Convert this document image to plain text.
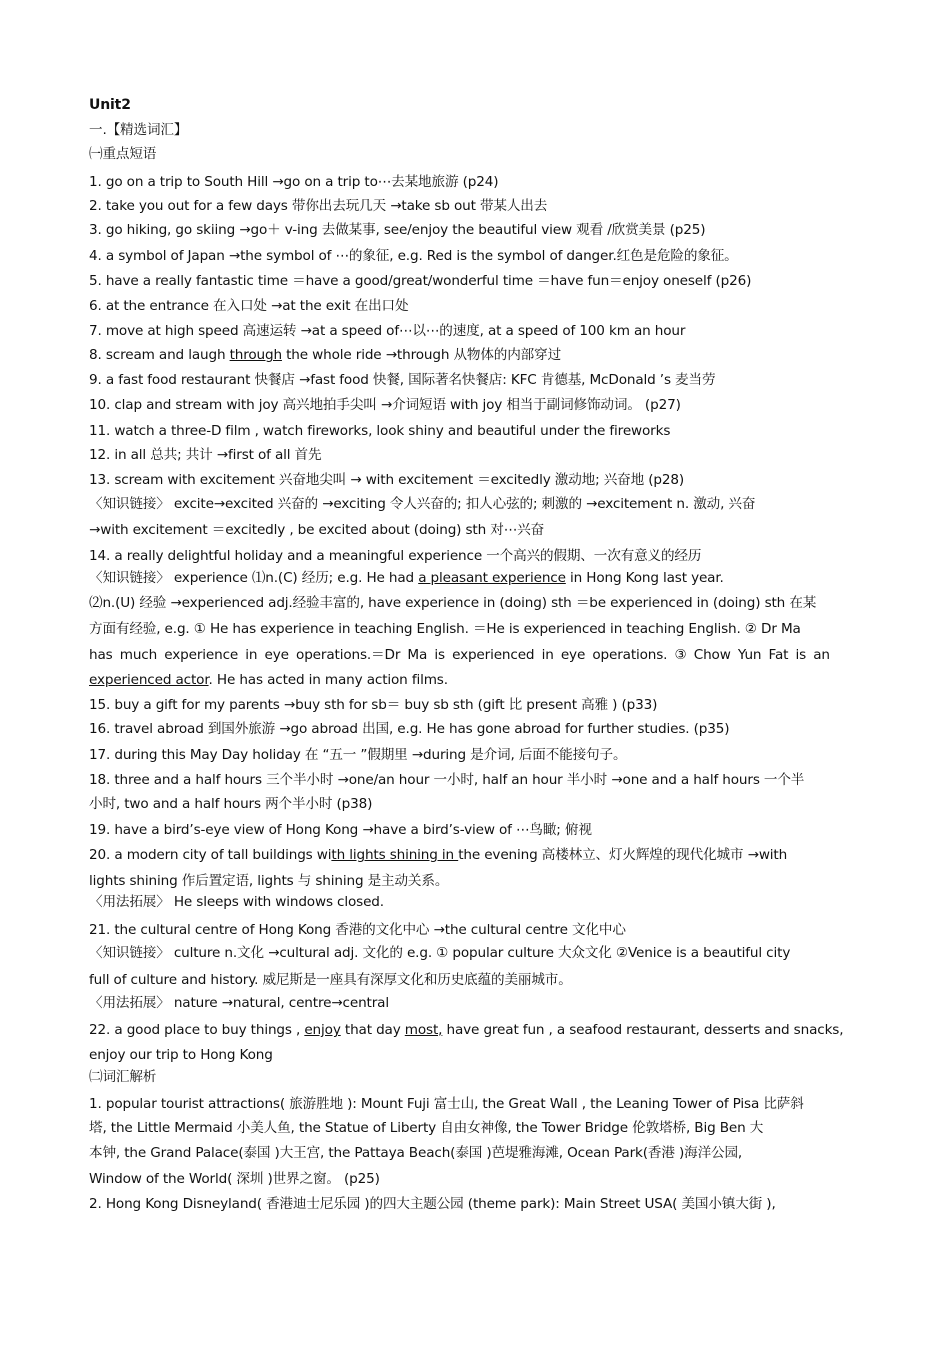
Unit2
一.【精选词汇】
㈠重点短语
1. go on a trip to South Hill →go on a trip to⋯去某地旅游 (p24)
2. take you out for a few days 带你出去玩几天 →take sb out 带某人出去
3. go hiking, go skiing →go＋ v-ing 去做某事, see/enjoy the beautiful view 观看 /欣赏美景 (p25)
4. a symbol of Japan →the symbol of ⋯的象征, e.g. Red is the symbol of danger.红色是危险的象征。
5. have a really fantastic time ＝have a good/great/wonderful time ＝have fun＝enjoy oneself (p26)
6. at the entrance 在入口处 →at the exit 在出口处
7. move at high speed 高速运转 →at a speed of⋯以⋯的速度, at a speed of 100 km an hour
8. scream and laugh through the whole ride →through 从物体的内部穿过
9. a fast food restaurant 快餐店 →fast food 快餐, 国际著名快餐店: KFC 肯德基, McDonald ’s 麦当劳
10. clap and stream with joy 高兴地拍手尖叫 →介词短语 with joy 相当于副词修饰动词。 (p27)
11. watch a three-D film , watch fireworks, look shiny and beautiful under the fireworks
12. in all 总共; 共计 →first of all 首先
13. scream with excitement 兴奋地尖叫 → with excitement ＝excitedly 激动地; 兴奋地 (p28)
〈知识链接〉 excite→excited 兴奋的 →exciting 令人兴奋的; 扣人心弦的; 刺激的 →excitement n. 激动, 兴奋
→with excitement ＝excitedly , be excited about (doing) sth 对⋯兴奋
14. a really delightful holiday and a meaningful experience 一个高兴的假期、一次有意义的经历
〈知识链接〉 experience ⑴n.(C) 经历; e.g. He had a pleasant experience in Hong Kong last year.
⑵n.(U) 经验 →experienced adj.经验丰富的, have experience in (doing) sth ＝be experienced in (doing) sth 在某
方面有经验, e.g. ① He has experience in teaching English. ＝He is experienced in teaching English. ② Dr Ma
has much experience in eye operations.＝Dr Ma is experienced in eye operations. ③ Chow Yun Fat is an
experienced actor. He has acted in many action films.
15. buy a gift for my parents →buy sth for sb＝ buy sb sth (gift 比 present 高雅 ) (p33)
16. travel abroad 到国外旅游 →go abroad 出国, e.g. He has gone abroad for further studies. (p35)
17. during this May Day holiday 在 “五一 ”假期里 →during 是介词, 后面不能接句子。
18. three and a half hours 三个半小时 →one/an hour 一小时, half an hour 半小时 →one and a half hours 一个半
小时, two and a half hours 两个半小时 (p38)
19. have a bird’s-eye view of Hong Kong →have a bird’s-view of ⋯鸟瞰; 俯视
20. a modern city of tall buildings with lights shining in the evening 高楼林立、灯火辉煌的现代化城市 →with
lights shining 作后置定语, lights 与 shining 是主动关系。
〈用法拓展〉 He sleeps with windows closed.
21. the cultural centre of Hong Kong 香港的文化中心 →the cultural centre 文化中心
〈知识链接〉 culture n.文化 →cultural adj. 文化的 e.g. ① popular culture 大众文化 ②Venice is a beautiful city
full of culture and history. 威尼斯是一座具有深厚文化和历史底蕴的美丽城市。
〈用法拓展〉 nature →natural, centre→central
22. a good place to buy things , enjoy that day most, have great fun , a seafood restaurant, desserts and snacks,
enjoy our trip to Hong Kong
㈡词汇解析
1. popular tourist attractions( 旅游胜地 ): Mount Fuji 富士山, the Great Wall , the Leaning Tower of Pisa 比萨斜
塔, the Little Mermaid 小美人鱼, the Statue of Liberty 自由女神像, the Tower Bridge 伦敦塔桥, Big Ben 大
本钟, the Grand Palace(泰国 )大王宫, the Pattaya Beach(泰国 )芭堤雅海滩, Ocean Park(香港 )海洋公园,
Window of the World( 深圳 )世界之窗。 (p25)
2. Hong Kong Disneyland( 香港迪士尼乐园 )的四大主题公园 (theme park): Main Street USA( 美国小镇大街 ),
